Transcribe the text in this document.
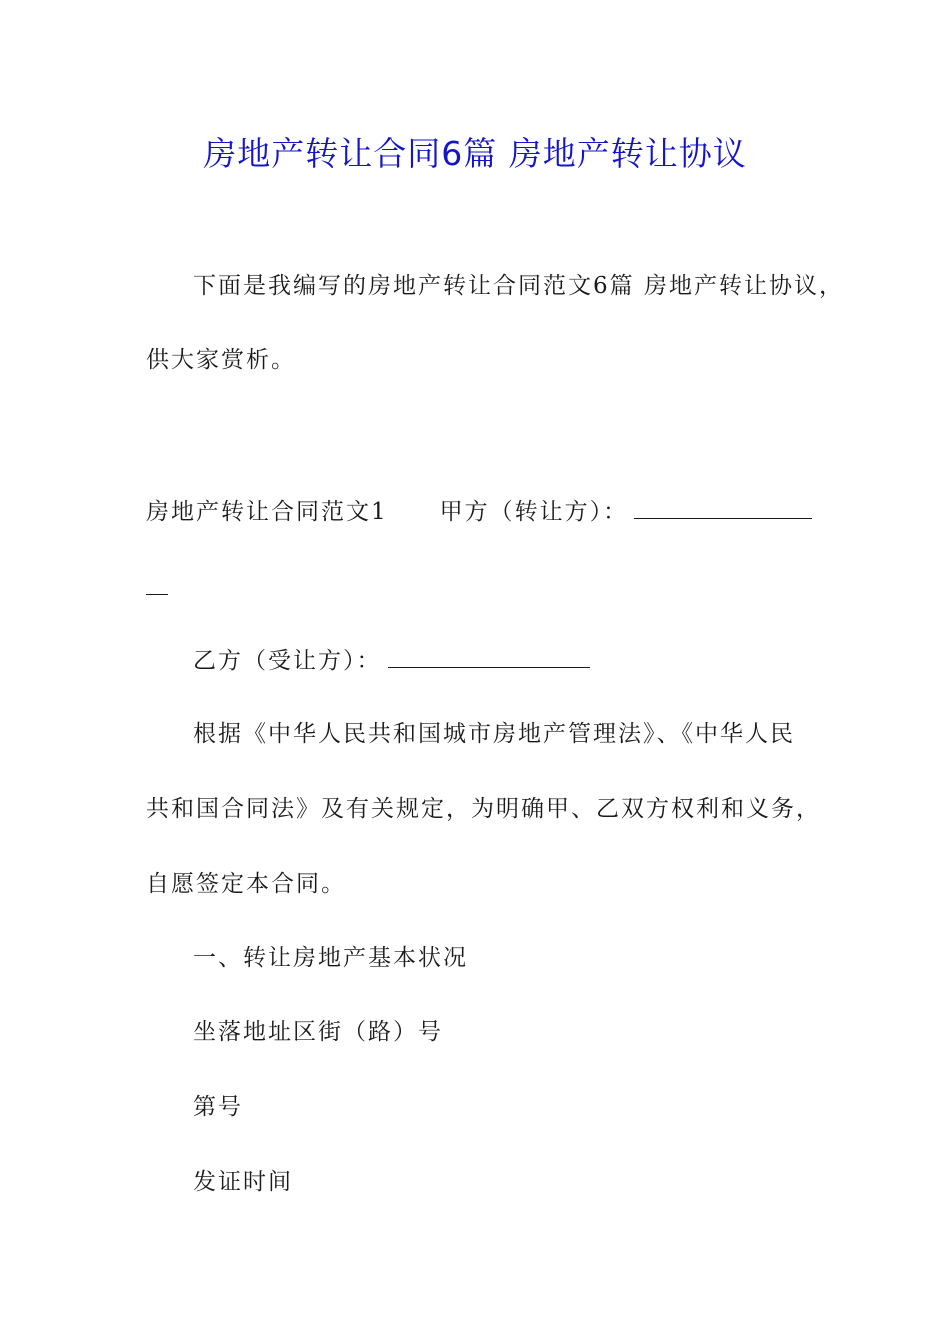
房地产转让合同6篇 房地产转让协议
下面是我编写的房地产转让合同范文6篇 房地产转让协议，
供大家赏析。
房地产转让合同范文1 甲方（转让方）：
乙方（受让方）：
根据《中华人民共和国城市房地产管理法》、《中华人民
共和国合同法》及有关规定，为明确甲、乙双方权利和义务，
自愿签定本合同。
一、转让房地产基本状况
坐落地址区街（路）号
第号
发证时间
